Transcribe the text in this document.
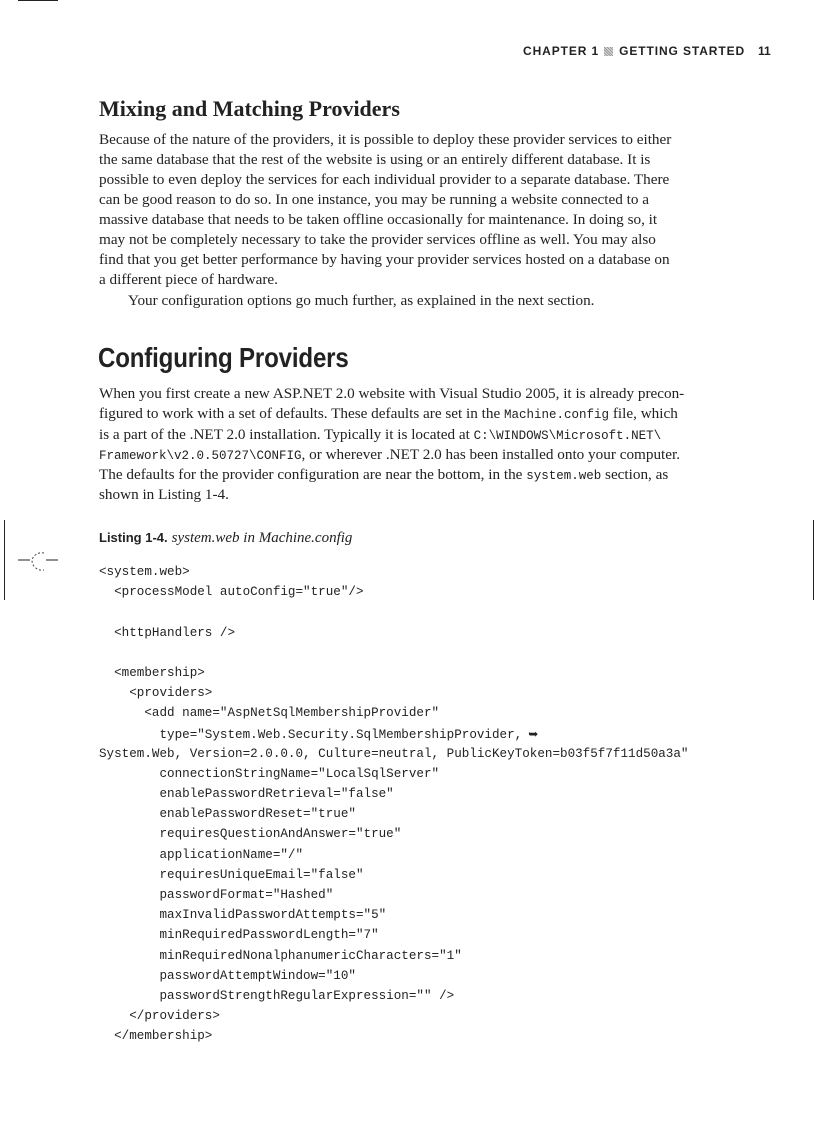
CHAPTER 1 GETTING STARTED 11
Mixing and Matching Providers
Because of the nature of the providers, it is possible to deploy these provider services to either
the same database that the rest of the website is using or an entirely different database. It is
possible to even deploy the services for each individual provider to a separate database. There
can be good reason to do so. In one instance, you may be running a website connected to a
massive database that needs to be taken offline occasionally for maintenance. In doing so, it
may not be completely necessary to take the provider services offline as well. You may also
find that you get better performance by having your provider services hosted on a database on
a different piece of hardware.
Your configuration options go much further, as explained in the next section.
Configuring Providers
When you first create a new ASP.NET 2.0 website with Visual Studio 2005, it is already precon-
figured to work with a set of defaults. These defaults are set in the Machine.config file, which
is a part of the .NET 2.0 installation. Typically it is located at C:\WINDOWS\Microsoft.NET\
Framework\v2.0.50727\CONFIG, or wherever .NET 2.0 has been installed onto your computer.
The defaults for the provider configuration are near the bottom, in the system.web section, as
shown in Listing 1-4.
Listing 1-4. system.web in Machine.config
<system.web>
<processModel autoConfig="true"/>
<httpHandlers />
<membership>
<providers>
<add name="AspNetSqlMembershipProvider"
type="System.Web.Security.SqlMembershipProvider, ➥
System.Web, Version=2.0.0.0, Culture=neutral, PublicKeyToken=b03f5f7f11d50a3a"
connectionStringName="LocalSqlServer"
enablePasswordRetrieval="false"
enablePasswordReset="true"
requiresQuestionAndAnswer="true"
applicationName="/"
requiresUniqueEmail="false"
passwordFormat="Hashed"
maxInvalidPasswordAttempts="5"
minRequiredPasswordLength="7"
minRequiredNonalphanumericCharacters="1"
passwordAttemptWindow="10"
passwordStrengthRegularExpression="" />
</providers>
</membership>
